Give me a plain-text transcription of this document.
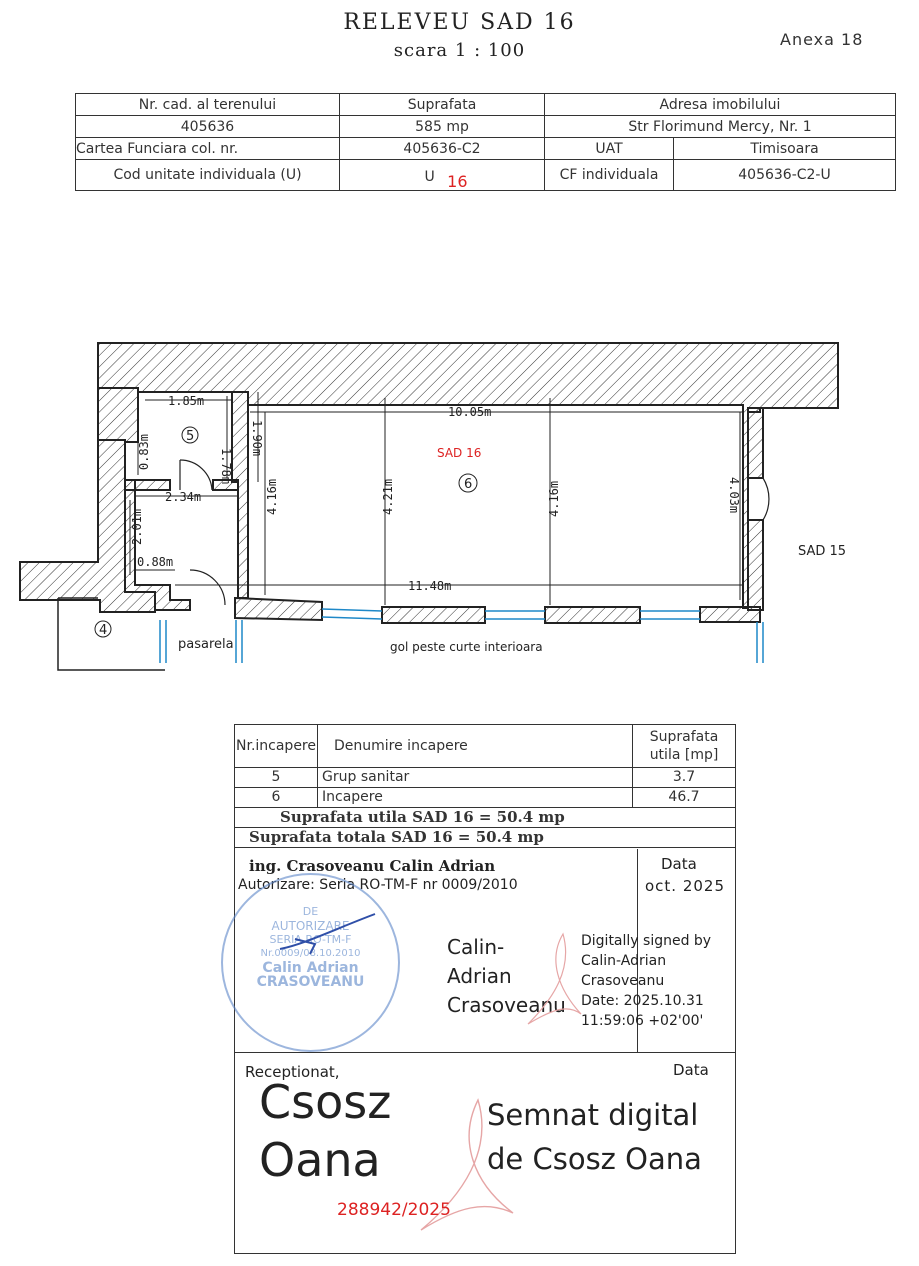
RELEVEU SAD 16
scara 1 : 100
Anexa 18
Nr. cad. al terenului	Suprafata	Adresa imobilului	
405636	585 mp	Str Florimund Mercy, Nr. 1	
Cartea Funciara col. nr.	405636-C2	UAT	Timisoara
Cod unitate individuala (U)	U 16	CF individuala	405636-C2-U
1.85m
1.78m
1.90m
0.83m
2.34m
2.01m
0.88m
10.05m
11.48m
4.16m	4.21m	4.16m	4.03m
SAD 16
5
6
4
SAD 15
pasarela	gol peste curte interioara
Nr.incapere	Denumire incapere	Suprafata
utila [mp]

5	Grup sanitar	3.7
6	Incapere	46.7
Suprafata utila SAD 16 = 50.4 mp		
Suprafata totala SAD 16 = 50.4 mp		
ing. Crasoveanu Calin Adrian
Autorizare: Seria RO-TM-F nr 0009/2010
Data
oct. 2025
DE
AUTORIZARE
SERIA RO-TM-F
Nr.0009/08.10.2010
Calin Adrian
CRASOVEANU
Calin-
Adrian
Crasoveanu
Digitally signed by
Calin-Adrian
Crasoveanu
Date: 2025.10.31
11:59:06 +02'00'
Receptionat,	Data
Csosz
Oana
Semnat digital
de Csosz Oana
288942/2025
